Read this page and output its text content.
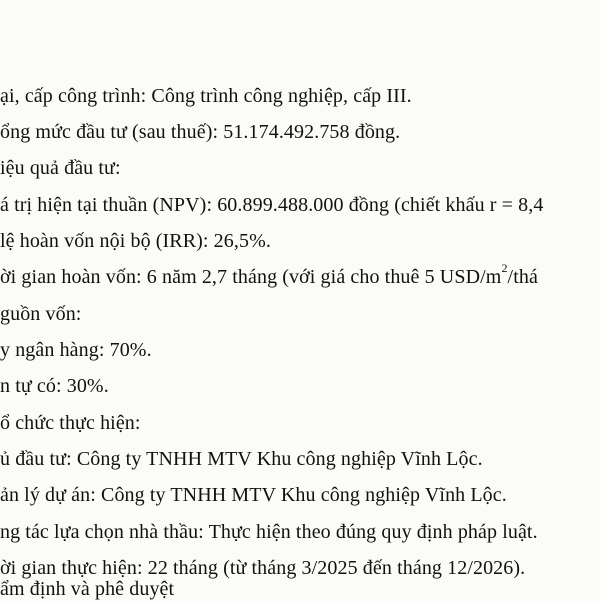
ại, cấp công trình: Công trình công nghiệp, cấp III.
ổng mức đầu tư (sau thuế): 51.174.492.758 đồng.
iệu quả đầu tư:
á trị hiện tại thuần (NPV): 60.899.488.000 đồng (chiết khấu r = 8,4
lệ hoàn vốn nội bộ (IRR): 26,5%.
ời gian hoàn vốn: 6 năm 2,7 tháng (với giá cho thuê 5 USD/$m^2$/thá
guồn vốn:
y ngân hàng: 70%.
n tự có: 30%.
ổ chức thực hiện:
ủ đầu tư: Công ty TNHH MTV Khu công nghiệp Vĩnh Lộc.
ản lý dự án: Công ty TNHH MTV Khu công nghiệp Vĩnh Lộc.
ng tác lựa chọn nhà thầu: Thực hiện theo đúng quy định pháp luật.
ời gian thực hiện: 22 tháng (từ tháng 3/2025 đến tháng 12/2026).
ẩm định và phê duyệt
